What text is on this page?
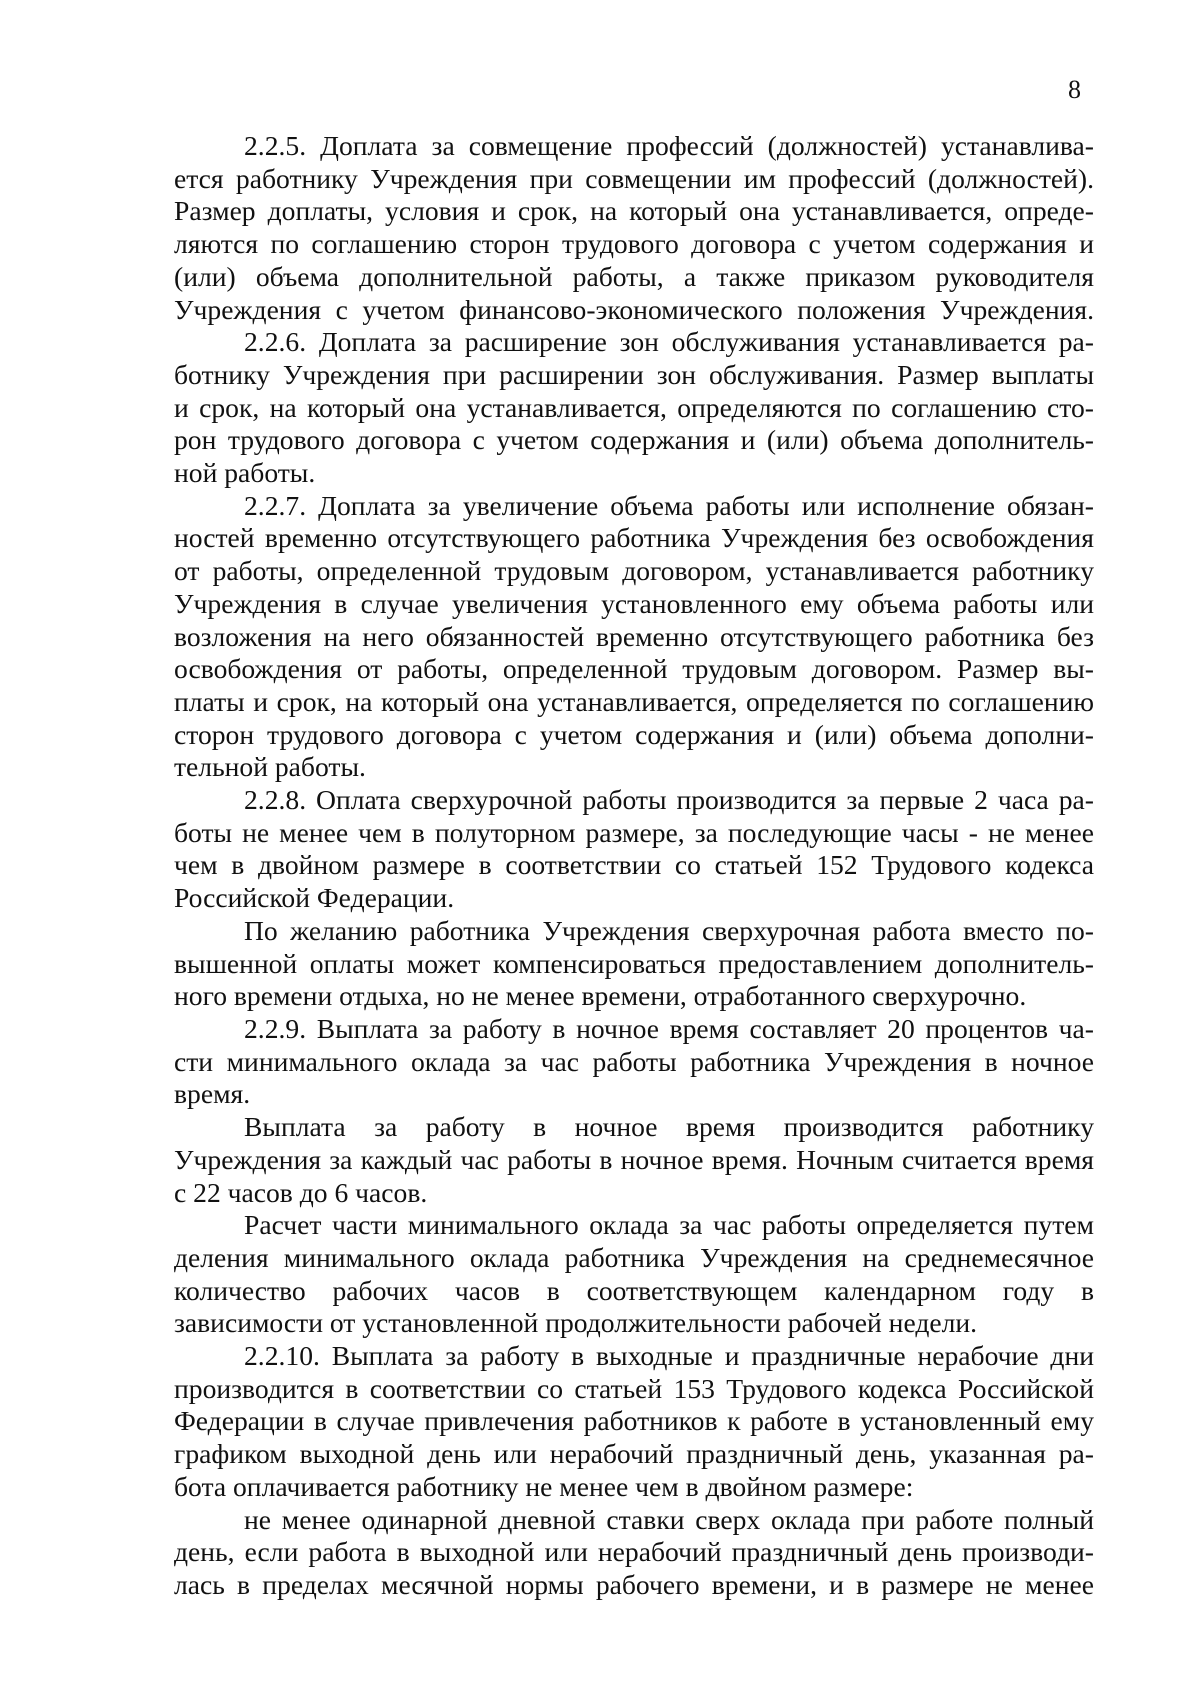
8

2.2.5. Доплата за совмещение профессий (должностей) устанавлива-
ется работнику Учреждения при совмещении им профессий (должностей).
Размер доплаты, условия и срок, на который она устанавливается, опреде-
ляются по соглашению сторон трудового договора с учетом содержания и
(или) объема дополнительной работы, а также приказом руководителя
Учреждения с учетом финансово-экономического положения Учреждения.

2.2.6. Доплата за расширение зон обслуживания устанавливается ра-
ботнику Учреждения при расширении зон обслуживания. Размер выплаты
и срок, на который она устанавливается, определяются по соглашению сто-
рон трудового договора с учетом содержания и (или) объема дополнитель-
ной работы.

2.2.7. Доплата за увеличение объема работы или исполнение обязан-
ностей временно отсутствующего работника Учреждения без освобождения
от работы, определенной трудовым договором, устанавливается работнику
Учреждения в случае увеличения установленного ему объема работы или
возложения на него обязанностей временно отсутствующего работника без
освобождения от работы, определенной трудовым договором. Размер вы-
платы и срок, на который она устанавливается, определяется по соглашению
сторон трудового договора с учетом содержания и (или) объема дополни-
тельной работы.

2.2.8. Оплата сверхурочной работы производится за первые 2 часа ра-
боты не менее чем в полуторном размере, за последующие часы - не менее
чем в двойном размере в соответствии со статьей 152 Трудового кодекса
Российской Федерации.

По желанию работника Учреждения сверхурочная работа вместо по-
вышенной оплаты может компенсироваться предоставлением дополнитель-
ного времени отдыха, но не менее времени, отработанного сверхурочно.

2.2.9. Выплата за работу в ночное время составляет 20 процентов ча-
сти минимального оклада за час работы работника Учреждения в ночное
время.

Выплата за работу в ночное время производится работнику
Учреждения за каждый час работы в ночное время. Ночным считается время
с 22 часов до 6 часов.

Расчет части минимального оклада за час работы определяется путем
деления минимального оклада работника Учреждения на среднемесячное
количество рабочих часов в соответствующем календарном году в
зависимости от установленной продолжительности рабочей недели.

2.2.10. Выплата за работу в выходные и праздничные нерабочие дни
производится в соответствии со статьей 153 Трудового кодекса Российской
Федерации в случае привлечения работников к работе в установленный ему
графиком выходной день или нерабочий праздничный день, указанная ра-
бота оплачивается работнику не менее чем в двойном размере:

не менее одинарной дневной ставки сверх оклада при работе полный
день, если работа в выходной или нерабочий праздничный день производи-
лась в пределах месячной нормы рабочего времени, и в размере не менее
